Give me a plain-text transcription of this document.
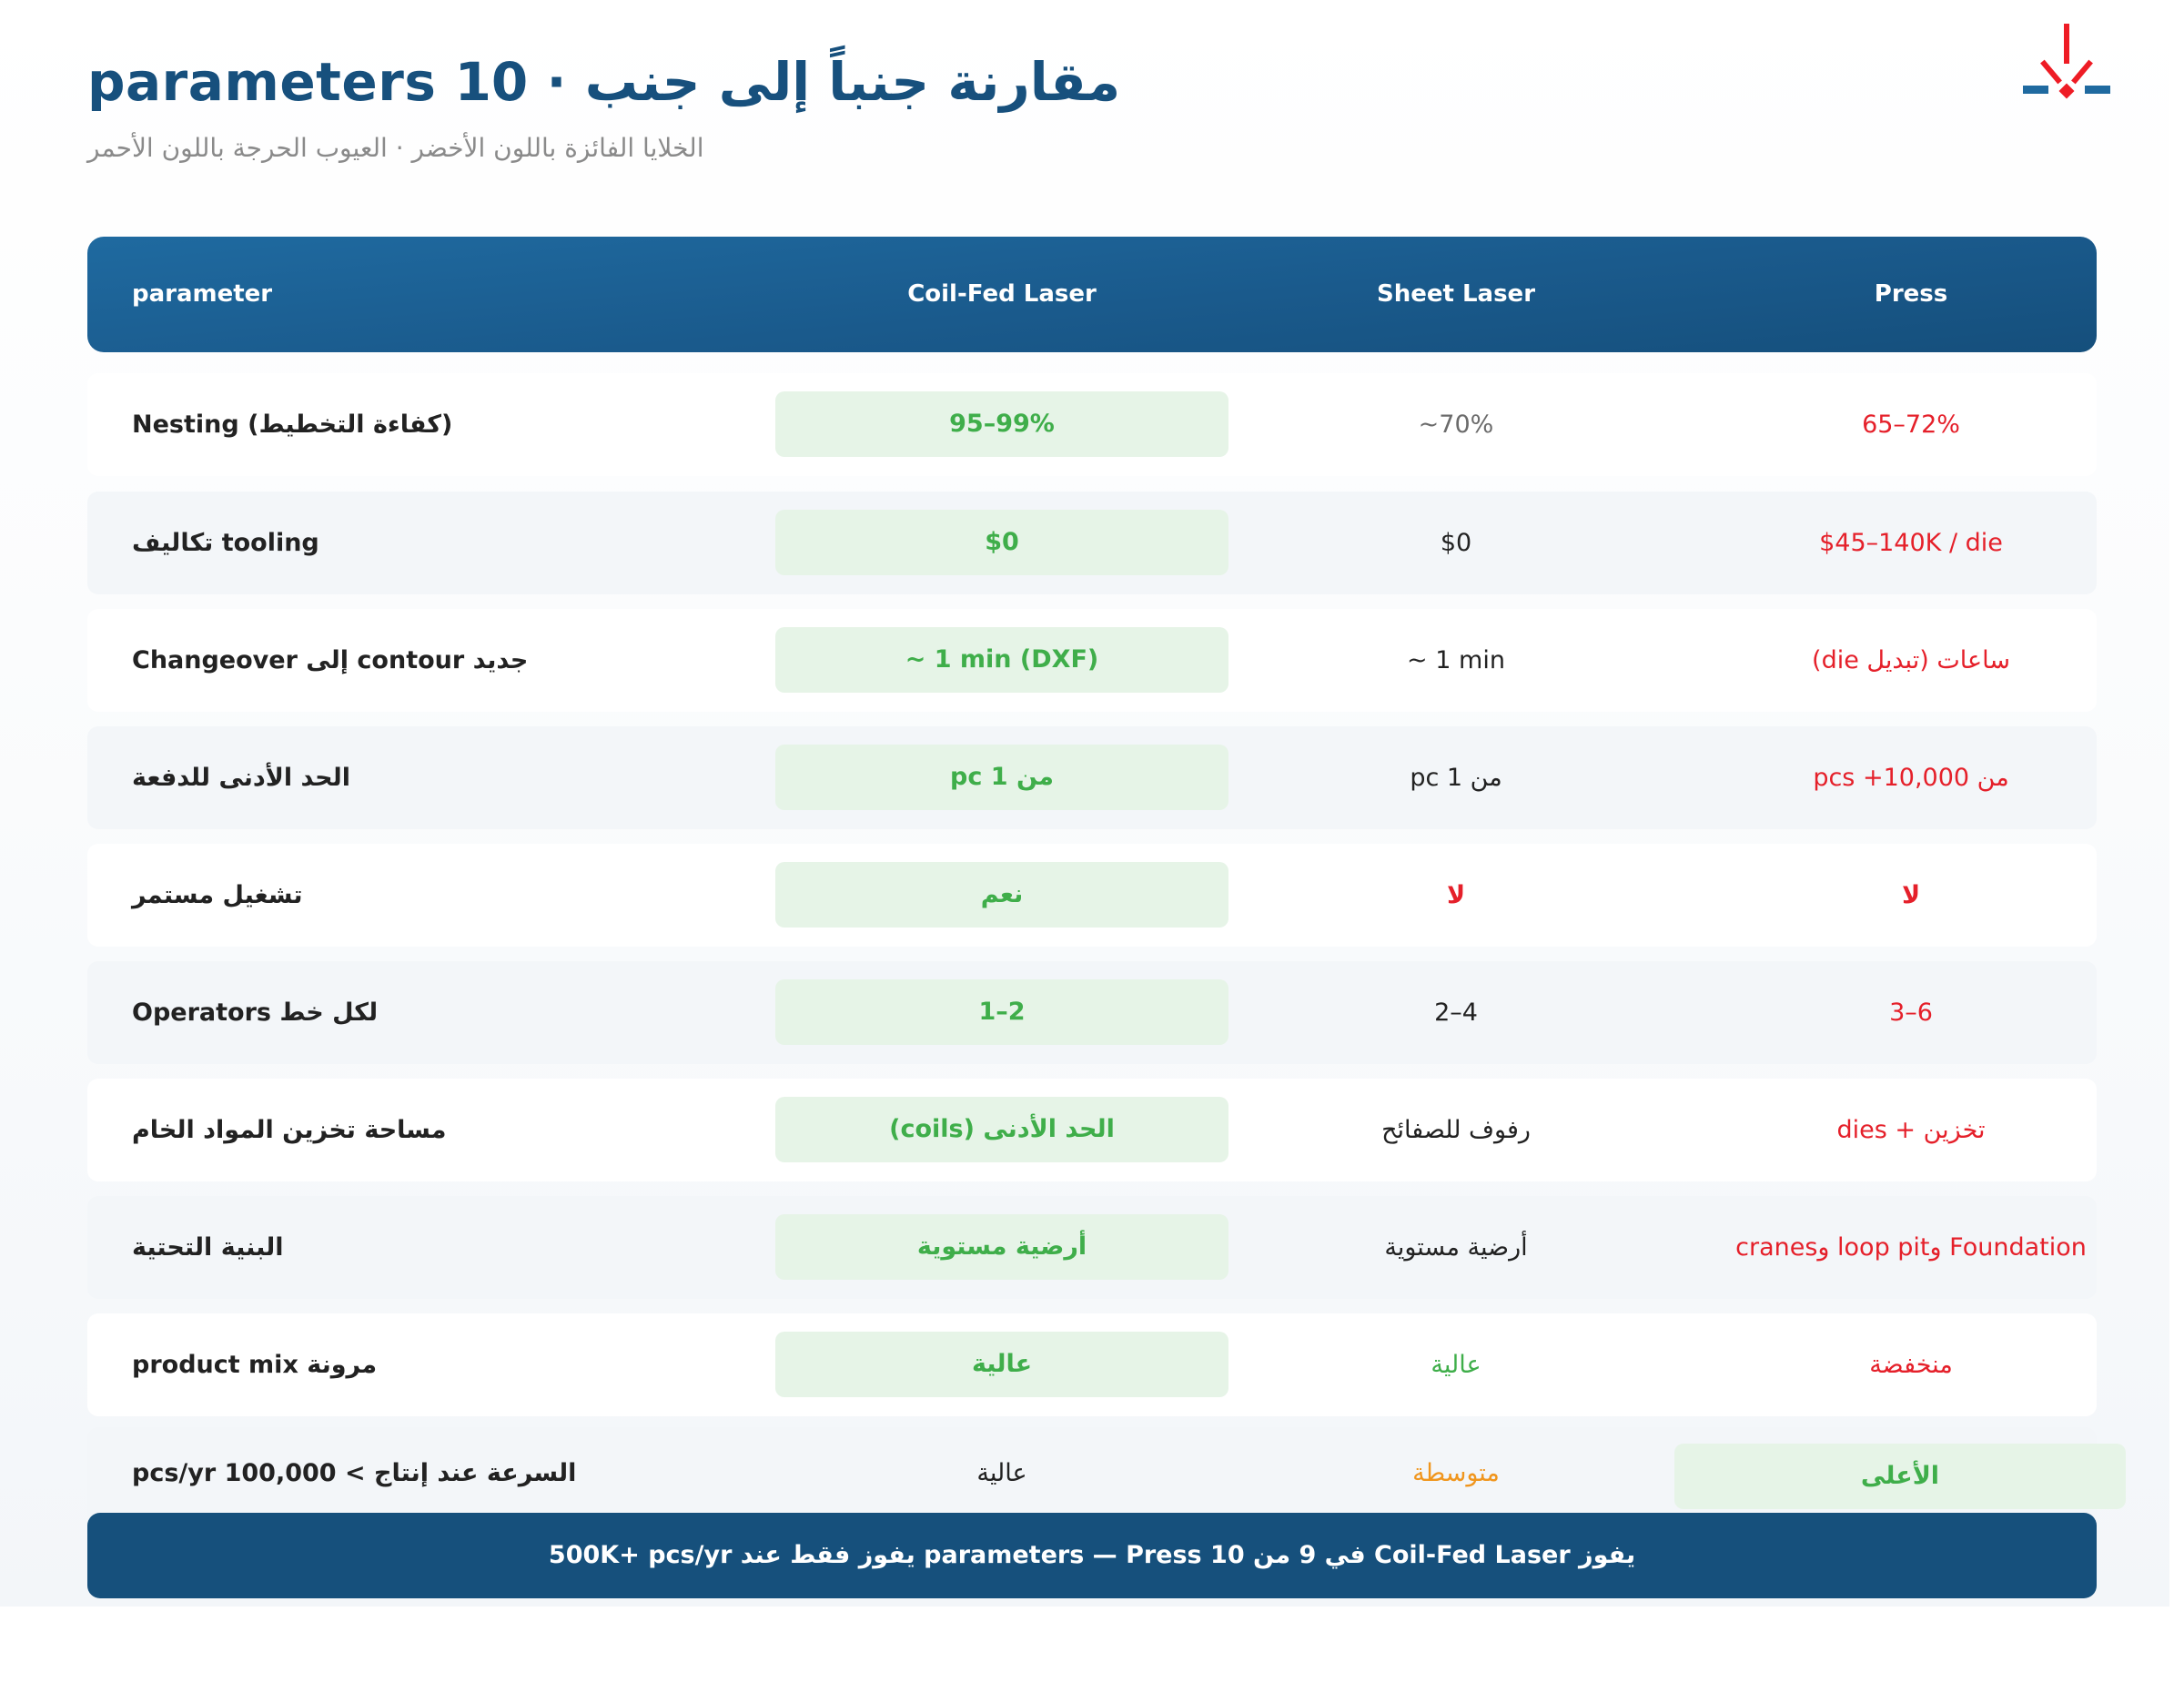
مقارنة جنباً إلى جنب · 10 parameters
الخلايا الفائزة باللون الأخضر · العيوب الحرجة باللون الأحمر
parameter	Coil-Fed Laser	Sheet Laser	Press
Nesting (كفاءة التخطيط)	95–99%	~70%	65–72%
تكاليف tooling	$0	$0	$45–140K / die
Changeover إلى contour جديد	~ 1 min (DXF)	~ 1 min	ساعات (تبديل die)
الحد الأدنى للدفعة	من 1 pc	من 1 pc	من 10,000+ pcs
تشغيل مستمر	نعم	لا	لا
Operators لكل خط	1–2	2–4	3–6
مساحة تخزين المواد الخام	الحد الأدنى (coils)	رفوف للصفائح	تخزين + dies
البنية التحتية	أرضية مستوية	أرضية مستوية	Foundation وloop pit وcranes
مرونة product mix	عالية	عالية	منخفضة
السرعة عند إنتاج > 100,000 pcs/yr	عالية	متوسطة	الأعلى
يفوز Coil-Fed Laser في 9 من 10 parameters — Press يفوز فقط عند 500K+ pcs/yr
